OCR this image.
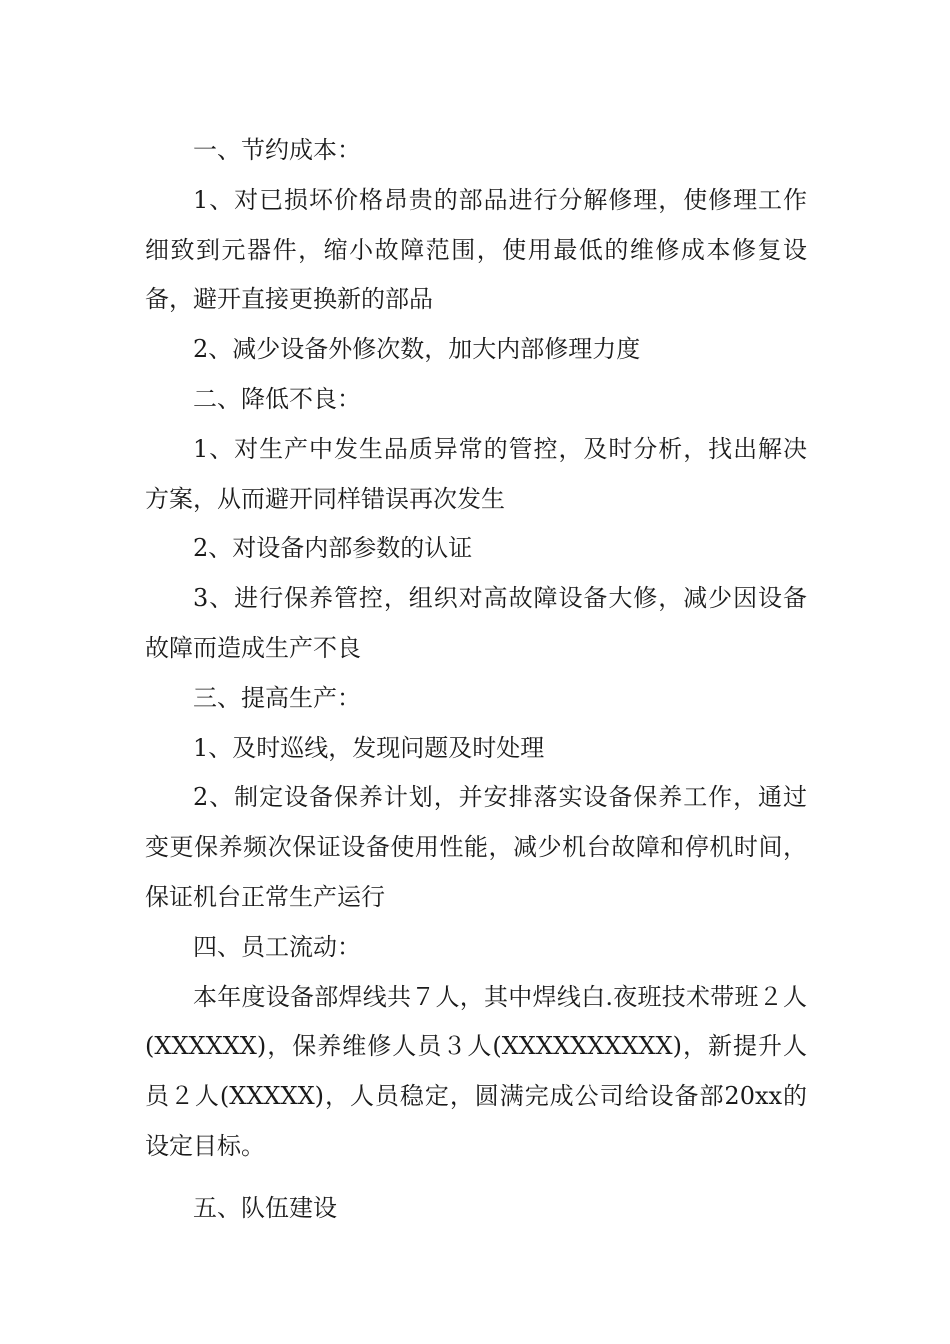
一、节约成本：

1、对已损坏价格昂贵的部品进行分解修理，使修理工作细致到元器件，缩小故障范围，使用最低的维修成本修复设备，避开直接更换新的部品

2、减少设备外修次数，加大内部修理力度

二、降低不良：

1、对生产中发生品质异常的管控，及时分析，找出解决方案，从而避开同样错误再次发生

2、对设备内部参数的认证

3、进行保养管控，组织对高故障设备大修，减少因设备故障而造成生产不良

三、提高生产：

1、及时巡线，发现问题及时处理

2、制定设备保养计划，并安排落实设备保养工作，通过变更保养频次保证设备使用性能，减少机台故障和停机时间，保证机台正常生产运行

四、员工流动：

本年度设备部焊线共７人，其中焊线白.夜班技术带班２人(XXXXXX)，保养维修人员３人(XXXXXXXXXX)，新提升人员２人(XXXXX)，人员稳定，圆满完成公司给设备部20xx的设定目标。

五、队伍建设
